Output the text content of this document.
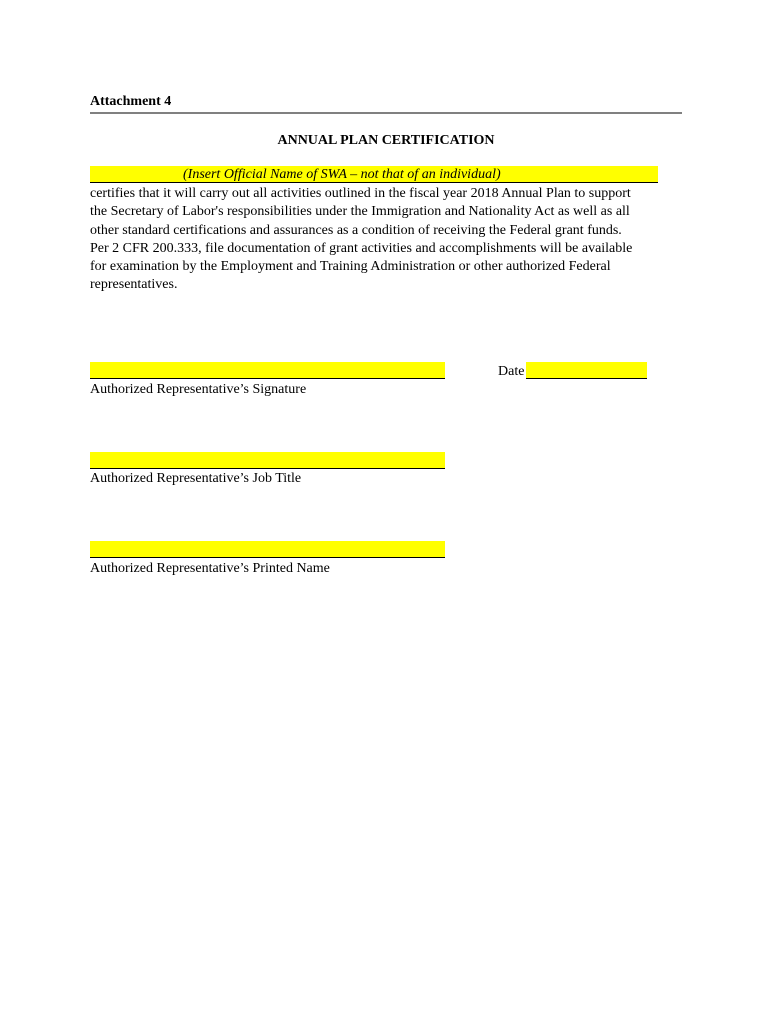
Attachment 4
ANNUAL PLAN CERTIFICATION
(Insert Official Name of SWA – not that of an individual)
certifies that it will carry out all activities outlined in the fiscal year 2018 Annual Plan to support
the Secretary of Labor's responsibilities under the Immigration and Nationality Act as well as all
other standard certifications and assurances as a condition of receiving the Federal grant funds.
Per 2 CFR 200.333, file documentation of grant activities and accomplishments will be available
for examination by the Employment and Training Administration or other authorized Federal
representatives.
Authorized Representative’s Signature
Date
Authorized Representative’s Job Title
Authorized Representative’s Printed Name
